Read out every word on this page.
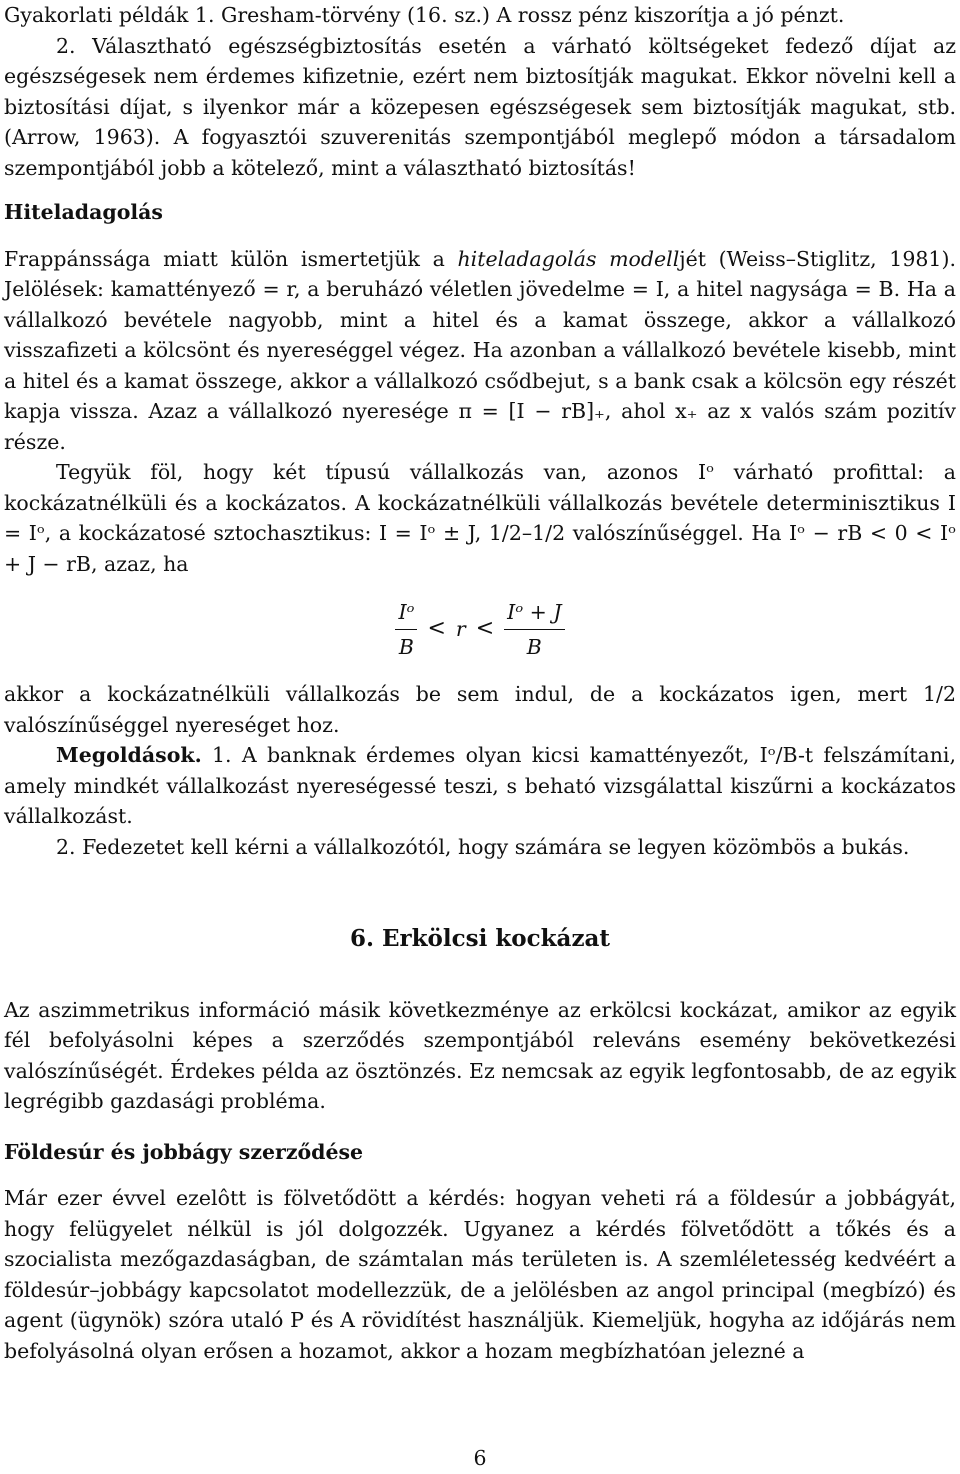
Gyakorlati példák 1. Gresham-törvény (16. sz.) A rossz pénz kiszorítja a jó pénzt.

2. Választható egészségbiztosítás esetén a várható költségeket fedező díjat az egészségesek nem érdemes kifizetnie, ezért nem biztosítják magukat. Ekkor növelni kell a biztosítási díjat, s ilyenkor már a közepesen egészségesek sem biztosítják magukat, stb. (Arrow, 1963). A fogyasztói szuverenitás szempontjából meglepő módon a társadalom szempontjából jobb a kötelező, mint a választható biztosítás!

Hiteladagolás

Frappánssága miatt külön ismertetjük a hiteladagolás modelljét (Weiss–Stiglitz, 1981). Jelölések: kamattényező = r, a beruházó véletlen jövedelme = I, a hitel nagysága = B. Ha a vállalkozó bevétele nagyobb, mint a hitel és a kamat összege, akkor a vállalkozó visszafizeti a kölcsönt és nyereséggel végez. Ha azonban a vállalkozó bevétele kisebb, mint a hitel és a kamat összege, akkor a vállalkozó csődbejut, s a bank csak a kölcsön egy részét kapja vissza. Azaz a vállalkozó nyeresége π = [I − rB]₊, ahol x₊ az x valós szám pozitív része.

Tegyük föl, hogy két típusú vállalkozás van, azonos Iᵒ várható profittal: a kockázatnélküli és a kockázatos. A kockázatnélküli vállalkozás bevétele determinisztikus I = Iᵒ, a kockázatosé sztochasztikus: I = Iᵒ ± J, 1/2–1/2 valószínűséggel. Ha Iᵒ − rB < 0 < Iᵒ + J − rB, azaz, ha

$\frac{\text{Iᵒ}}{B} < r < \frac{\text{Iᵒ + J}}{B}$

akkor a kockázatnélküli vállalkozás be sem indul, de a kockázatos igen, mert 1/2 valószínűséggel nyereséget hoz.

Megoldások. 1. A banknak érdemes olyan kicsi kamattényezőt, Iᵒ/B-t felszámítani, amely mindkét vállalkozást nyereségessé teszi, s beható vizsgálattal kiszűrni a kockázatos vállalkozást.

2. Fedezetet kell kérni a vállalkozótól, hogy számára se legyen közömbös a bukás.

6. Erkölcsi kockázat

Az aszimmetrikus információ másik következménye az erkölcsi kockázat, amikor az egyik fél befolyásolni képes a szerződés szempontjából releváns esemény bekövetkezési valószínűségét. Érdekes példa az ösztönzés. Ez nemcsak az egyik legfontosabb, de az egyik legrégibb gazdasági probléma.

Földesúr és jobbágy szerződése

Már ezer évvel ezelôtt is fölvetődött a kérdés: hogyan veheti rá a földesúr a jobbágyát, hogy felügyelet nélkül is jól dolgozzék. Ugyanez a kérdés fölvetődött a tőkés és a szocialista mezőgazdaságban, de számtalan más területen is. A szemléletesség kedvéért a földesúr–jobbágy kapcsolatot modellezzük, de a jelölésben az angol principal (megbízó) és agent (ügynök) szóra utaló P és A rövidítést használjük. Kiemeljük, hogyha az időjárás nem befolyásolná olyan erősen a hozamot, akkor a hozam megbízhatóan jelezné a

6
